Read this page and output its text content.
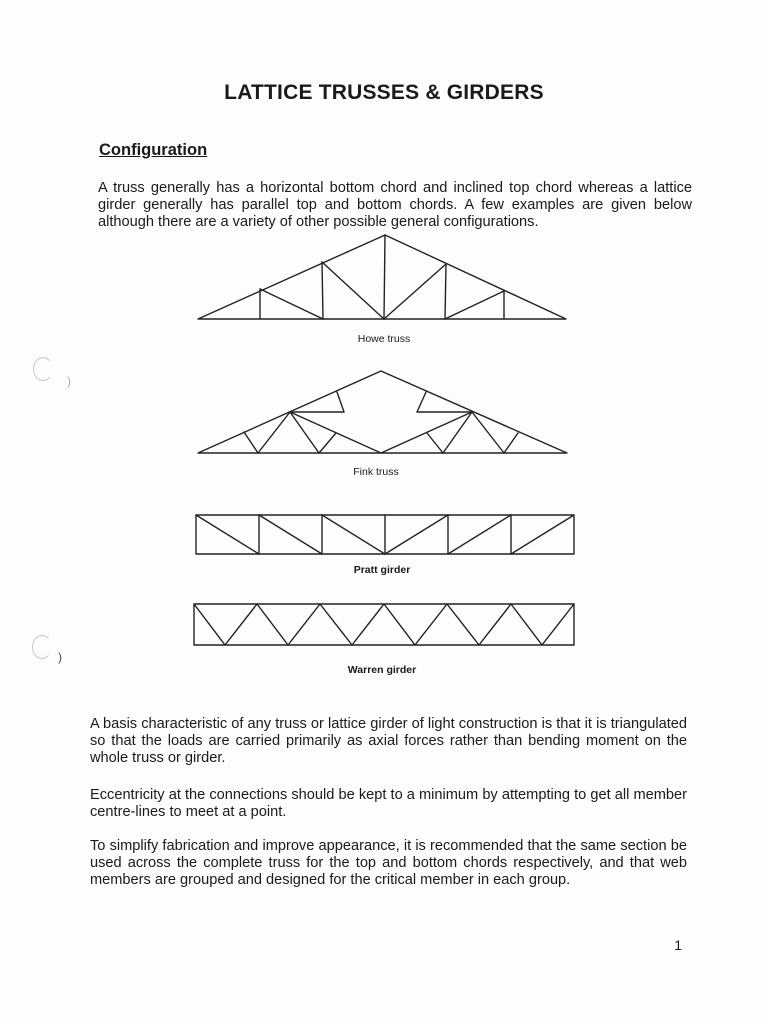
)
)
LATTICE TRUSSES & GIRDERS
Configuration

A truss generally has a horizontal bottom chord and inclined top chord whereas a lattice girder generally has parallel top and bottom chords. A few examples are given below although there are a variety of other possible general configurations.

Howe truss
Fink truss
Pratt girder
Warren girder

A basis characteristic of any truss or lattice girder of light construction is that it is triangulated so that the loads are carried primarily as axial forces rather than bending moment on the whole truss or girder.

Eccentricity at the connections should be kept to a minimum by attempting to get all member centre-lines to meet at a point.

To simplify fabrication and improve appearance, it is recommended that the same section be used across the complete truss for the top and bottom chords respectively, and that web members are grouped and designed for the critical member in each group.

1
